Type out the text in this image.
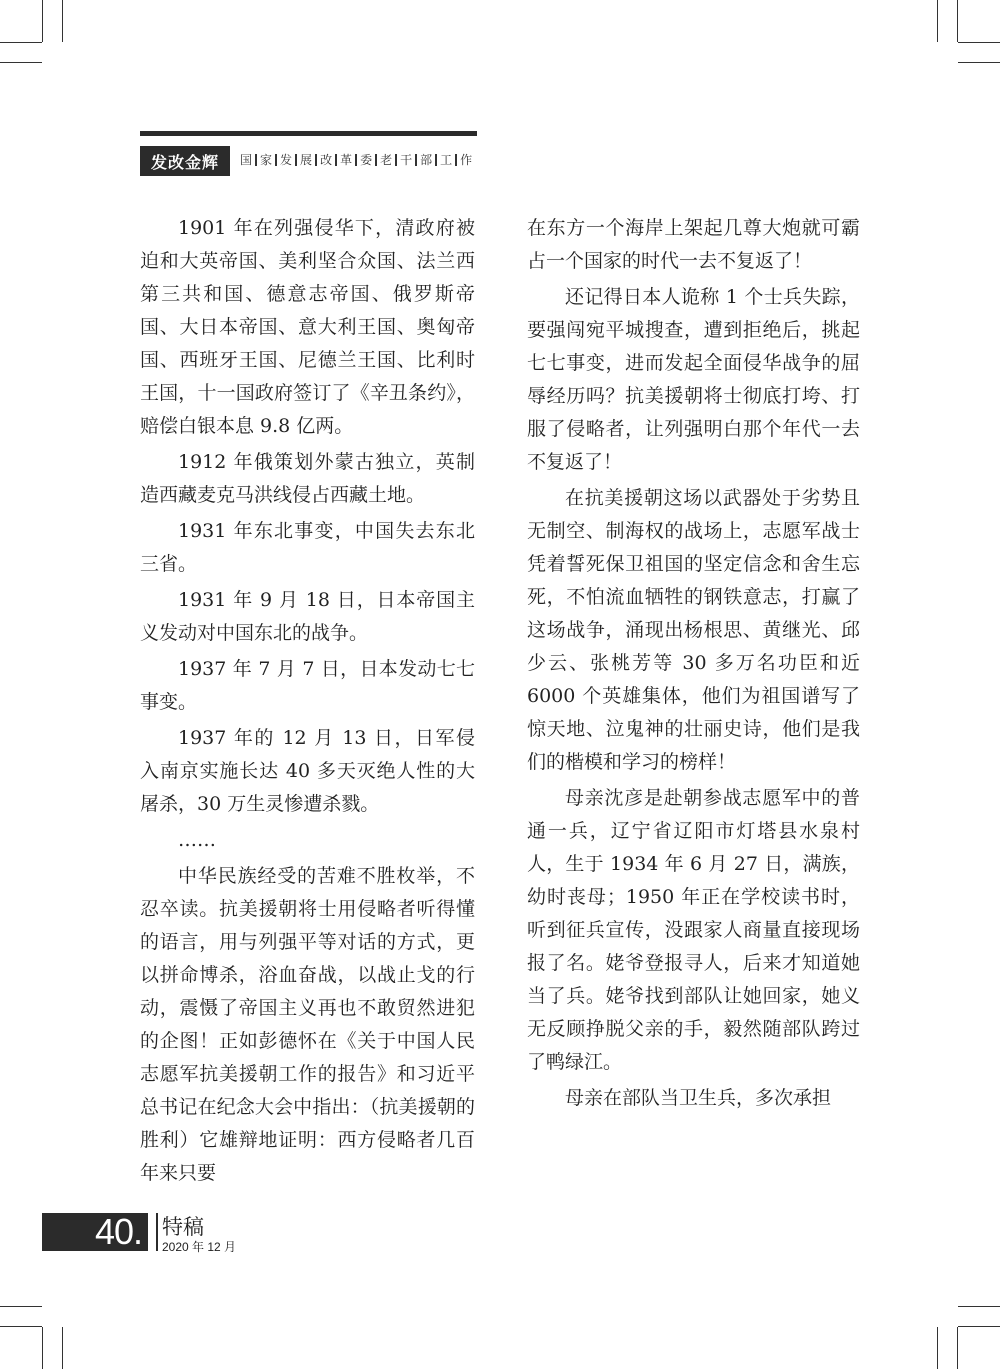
发改金辉	国 家 发 展 改 革 委 老 干 部 工 作

1901 年在列强侵华下，清政府被迫和大英帝国、美利坚合众国、法兰西第三共和国、德意志帝国、俄罗斯帝国、大日本帝国、意大利王国、奥匈帝国、西班牙王国、尼德兰王国、比利时王国，十一国政府签订了《辛丑条约》，赔偿白银本息 9.8 亿两。

1912 年俄策划外蒙古独立，英制造西藏麦克马洪线侵占西藏土地。

1931 年东北事变，中国失去东北三省。

1931 年 9 月 18 日，日本帝国主义发动对中国东北的战争。

1937 年 7 月 7 日，日本发动七七事变。

1937 年的 12 月 13 日，日军侵入南京实施长达 40 多天灭绝人性的大屠杀，30 万生灵惨遭杀戮。

……

中华民族经受的苦难不胜枚举，不忍卒读。抗美援朝将士用侵略者听得懂的语言，用与列强平等对话的方式，更以拼命博杀，浴血奋战，以战止戈的行动，震慑了帝国主义再也不敢贸然进犯的企图！正如彭德怀在《关于中国人民志愿军抗美援朝工作的报告》和习近平总书记在纪念大会中指出：（抗美援朝的胜利）它雄辩地证明：西方侵略者几百年来只要

在东方一个海岸上架起几尊大炮就可霸占一个国家的时代一去不复返了！

还记得日本人诡称 1 个士兵失踪，要强闯宛平城搜查，遭到拒绝后，挑起七七事变，进而发起全面侵华战争的屈辱经历吗？抗美援朝将士彻底打垮、打服了侵略者，让列强明白那个年代一去不复返了！

在抗美援朝这场以武器处于劣势且无制空、制海权的战场上，志愿军战士凭着誓死保卫祖国的坚定信念和舍生忘死，不怕流血牺牲的钢铁意志，打赢了这场战争，涌现出杨根思、黄继光、邱少云、张桃芳等 30 多万名功臣和近 6000 个英雄集体，他们为祖国谱写了惊天地、泣鬼神的壮丽史诗，他们是我们的楷模和学习的榜样！

母亲沈彦是赴朝参战志愿军中的普通一兵，辽宁省辽阳市灯塔县水泉村人，生于 1934 年 6 月 27 日，满族，幼时丧母；1950 年正在学校读书时，听到征兵宣传，没跟家人商量直接现场报了名。姥爷登报寻人，后来才知道她当了兵。姥爷找到部队让她回家，她义无反顾挣脱父亲的手，毅然随部队跨过了鸭绿江。

母亲在部队当卫生兵，多次承担

40. 特稿
2020 年 12 月
